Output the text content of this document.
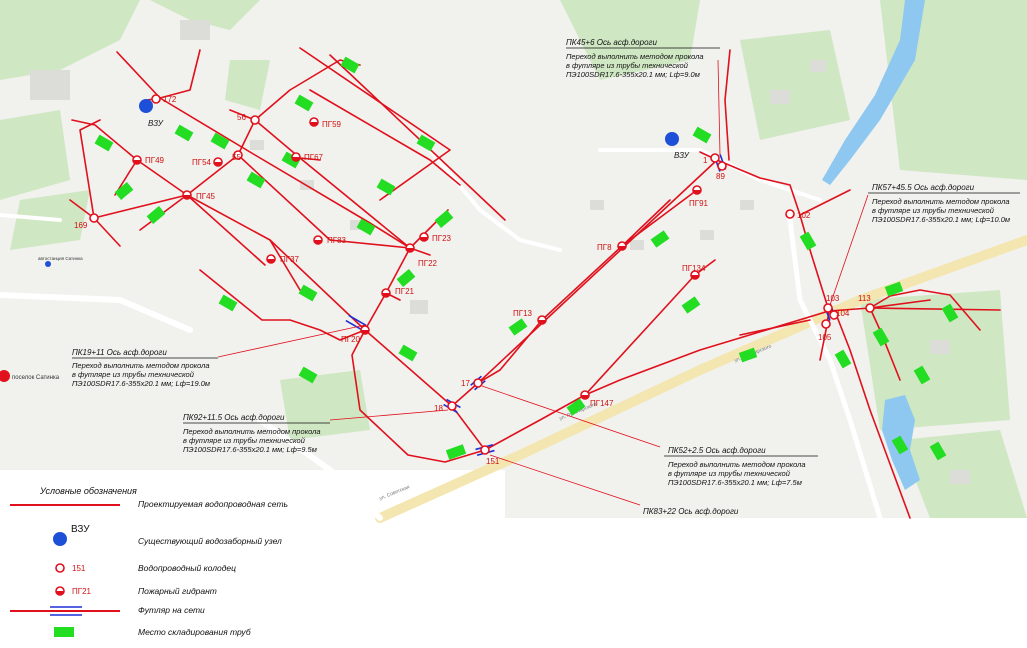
поселок Сатинка
автостанция Сатинка
ул. Луначарского
ул. Луначарского
ул. Советская
ВЗУ
ВЗУ
172
56
55
169
1
89
102
103
104
105
113
17
18
151
ПГ59
ПГ67
ПГ54
ПГ49
ПГ45
ПГ83	ПГ23
ПГ37	ПГ22
ПГ21
ПГ20
ПГ91
ПГ8
ПГ134
ПГ13
ПГ147
ПК19+11 Ось асф.дороги
Переход выполнить методом прокола
в футляре из трубы технической
ПЭ100SDR17.6-355х20.1 мм; Lф=19.0м
ПК92+11.5 Ось асф.дороги
Переход выполнить методом прокола
в футляре из трубы технической
ПЭ100SDR17.6-355х20.1 мм; Lф=9.5м
ПК45+6 Ось асф.дороги
Переход выполнить методом прокола
в футляре из трубы технической
ПЭ100SDR17.6-355х20.1 мм; Lф=9.0м
ПК57+45.5 Ось асф.дороги
Переход выполнить методом прокола
в футляре из трубы технической
ПЭ100SDR17.6-355х20.1 мм; Lф=10.0м
ПК52+2.5 Ось асф.дороги
Переход выполнить методом прокола
в футляре из трубы технической
ПЭ100SDR17.6-355х20.1 мм; Lф=7.5м
ПК83+22 Ось асф.дороги
ВЗУ
151
ПГ21
Условные обозначения
Проектируемая водопроводная сеть
Существующий водозаборный узел
Водопроводный колодец
Пожарный гидрант
Футляр на сети
Место складирования труб
